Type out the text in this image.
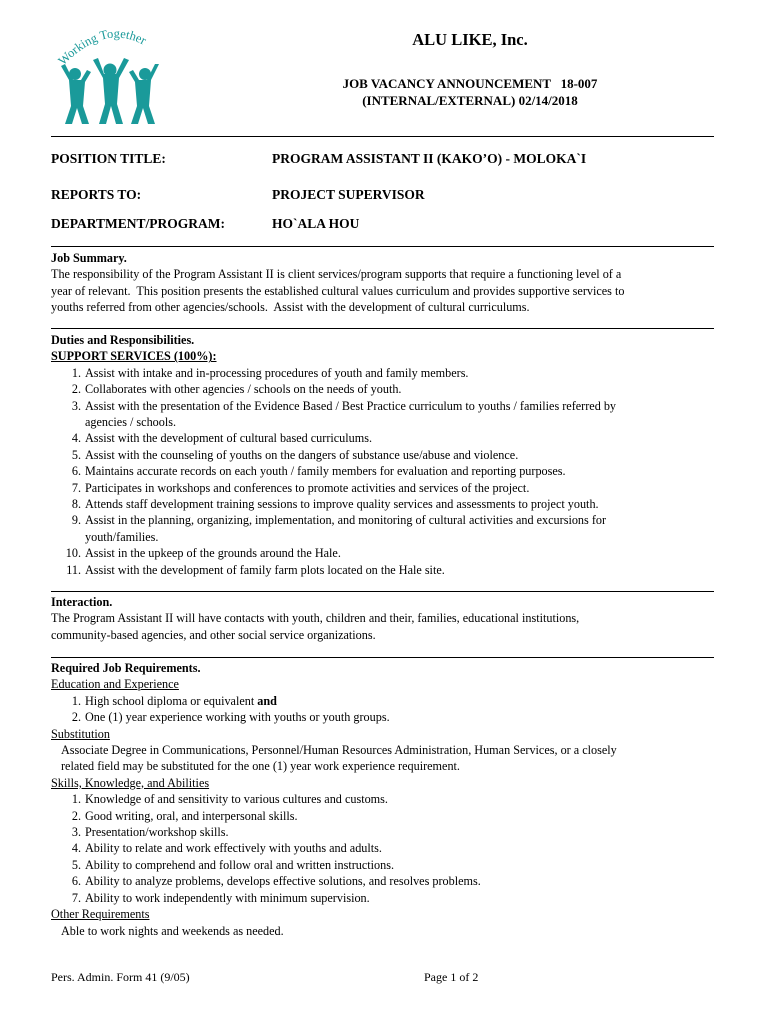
Working Together	ALU LIKE, Inc.
JOB VACANCY ANNOUNCEMENT   18-007
(INTERNAL/EXTERNAL) 02/14/2018
POSITION TITLE:	PROGRAM ASSISTANT II (KAKO’O) - MOLOKA`I
REPORTS TO:	PROJECT SUPERVISOR
DEPARTMENT/PROGRAM:	HO`ALA HOU

Job Summary.

The responsibility of the Program Assistant II is client services/program supports that require a functioning level of a

year of relevant.  This position presents the established cultural values curriculum and provides supportive services to

youths referred from other agencies/schools.  Assist with the development of cultural curriculums.

Duties and Responsibilities.

SUPPORT SERVICES (100%):

1. Assist with intake and in-processing procedures of youth and family members.
2. Collaborates with other agencies / schools on the needs of youth.
3. Assist with the presentation of the Evidence Based / Best Practice curriculum to youths / families referred by
agencies / schools.
4. Assist with the development of cultural based curriculums.
5. Assist with the counseling of youths on the dangers of substance use/abuse and violence.
6. Maintains accurate records on each youth / family members for evaluation and reporting purposes.
7. Participates in workshops and conferences to promote activities and services of the project.
8. Attends staff development training sessions to improve quality services and assessments to project youth.
9. Assist in the planning, organizing, implementation, and monitoring of cultural activities and excursions for
youth/families.
10. Assist in the upkeep of the grounds around the Hale.
11. Assist with the development of family farm plots located on the Hale site.

Interaction.

The Program Assistant II will have contacts with youth, children and their, families, educational institutions,

community-based agencies, and other social service organizations.

Required Job Requirements.

Education and Experience

1. High school diploma or equivalent and
2. One (1) year experience working with youths or youth groups.

Substitution

Associate Degree in Communications, Personnel/Human Resources Administration, Human Services, or a closely

related field may be substituted for the one (1) year work experience requirement.

Skills, Knowledge, and Abilities

1. Knowledge of and sensitivity to various cultures and customs.
2. Good writing, oral, and interpersonal skills.
3. Presentation/workshop skills.
4. Ability to relate and work effectively with youths and adults.
5. Ability to comprehend and follow oral and written instructions.
6. Ability to analyze problems, develops effective solutions, and resolves problems.
7. Ability to work independently with minimum supervision.

Other Requirements

Able to work nights and weekends as needed.

Pers. Admin. Form 41 (9/05)	Page 1 of 2
